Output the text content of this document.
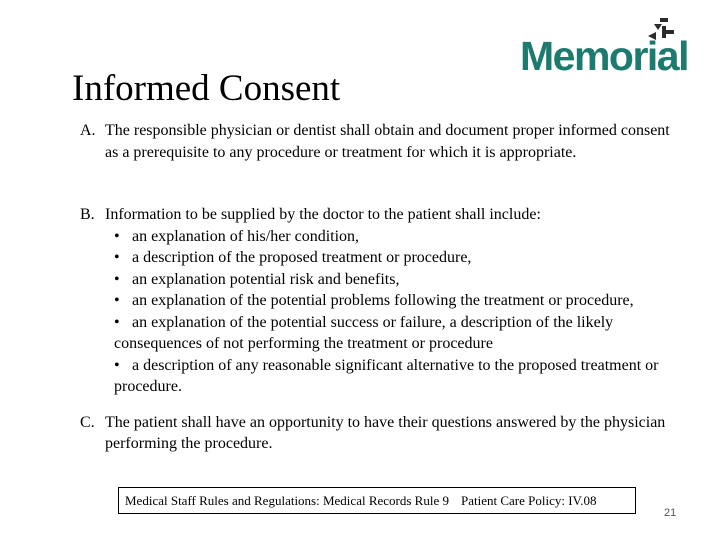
Memorial
Informed Consent
A. The responsible physician or dentist shall obtain and document proper informed consent as a prerequisite to any procedure or treatment for which it is appropriate.
B. Information to be supplied by the doctor to the patient shall include:
• an explanation of his/her condition,
• a description of the proposed treatment or procedure,
• an explanation potential risk and benefits,
• an explanation of the potential problems following the treatment or procedure,
• an explanation of the potential success or failure, a description of the likely consequences of not performing the treatment or procedure
• a description of any reasonable significant alternative to the proposed treatment or procedure.
C. The patient shall have an opportunity to have their questions answered by the physician performing the procedure.
Medical Staff Rules and Regulations: Medical Records Rule 9 Patient Care Policy: IV.08
21
